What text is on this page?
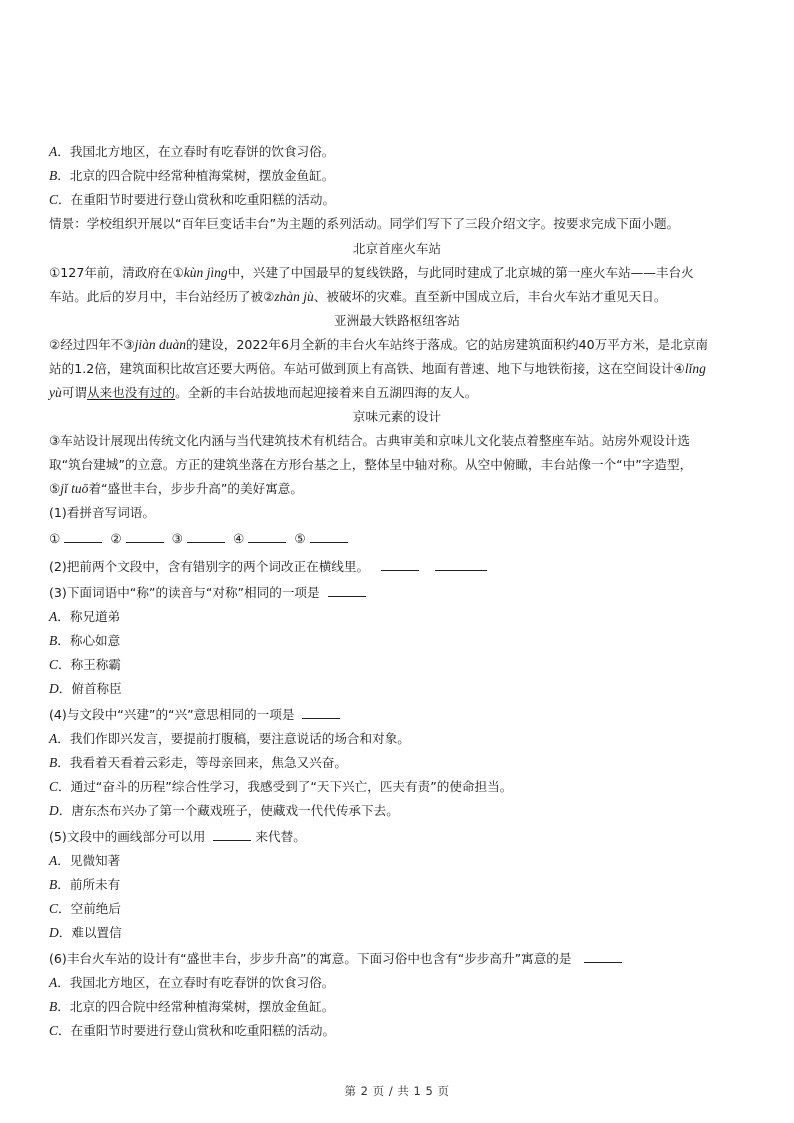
A．我国北方地区，在立春时有吃春饼的饮食习俗。
B．北京的四合院中经常种植海棠树，摆放金鱼缸。
C．在重阳节时要进行登山赏秋和吃重阳糕的活动。
情景：学校组织开展以“百年巨变话丰台”为主题的系列活动。同学们写下了三段介绍文字。按要求完成下面小题。
北京首座火车站
①127年前，清政府在①kùn jìng中，兴建了中国最早的复线铁路，与此同时建成了北京城的第一座火车站——丰台火
车站。此后的岁月中，丰台站经历了被②zhàn jù、被破坏的灾难。直至新中国成立后，丰台火车站才重见天日。
亚洲最大铁路枢纽客站
②经过四年不③jiàn duàn的建设，2022年6月全新的丰台火车站终于落成。它的站房建筑面积约40万平方米，是北京南
站的1.2倍，建筑面积比故宫还要大两倍。车站可做到顶上有高铁、地面有普速、地下与地铁衔接，这在空间设计④lǐng
yù可谓从来也没有过的。全新的丰台站拔地而起迎接着来自五湖四海的友人。
京味元素的设计
③车站设计展现出传统文化内涵与当代建筑技术有机结合。古典审美和京味儿文化装点着整座车站。站房外观设计选
取“筑台建城”的立意。方正的建筑坐落在方形台基之上，整体呈中轴对称。从空中俯瞰，丰台站像一个“中”字造型，
⑤jǐ tuō着“盛世丰台，步步升高”的美好寓意。
(1)看拼音写词语。
①	②	③	④	⑤
(2)把前两个文段中，含有错别字的两个词改正在横线里。
(3)下面词语中“称”的读音与“对称”相同的一项是
A．称兄道弟
B．称心如意
C．称王称霸
D．俯首称臣
(4)与文段中“兴建”的“兴”意思相同的一项是
A．我们作即兴发言，要提前打腹稿，要注意说话的场合和对象。
B．我看着天看着云彩走，等母亲回来，焦急又兴奋。
C．通过“奋斗的历程”综合性学习，我感受到了“天下兴亡，匹夫有责”的使命担当。
D．唐东杰布兴办了第一个藏戏班子，使藏戏一代代传承下去。
(5)文段中的画线部分可以用	来代替。
A．见微知著
B．前所未有
C．空前绝后
D．难以置信
(6)丰台火车站的设计有“盛世丰台，步步升高”的寓意。下面习俗中也含有“步步高升”寓意的是
A．我国北方地区，在立春时有吃春饼的饮食习俗。
B．北京的四合院中经常种植海棠树，摆放金鱼缸。
C．在重阳节时要进行登山赏秋和吃重阳糕的活动。
第 2 页 / 共 1 5 页
